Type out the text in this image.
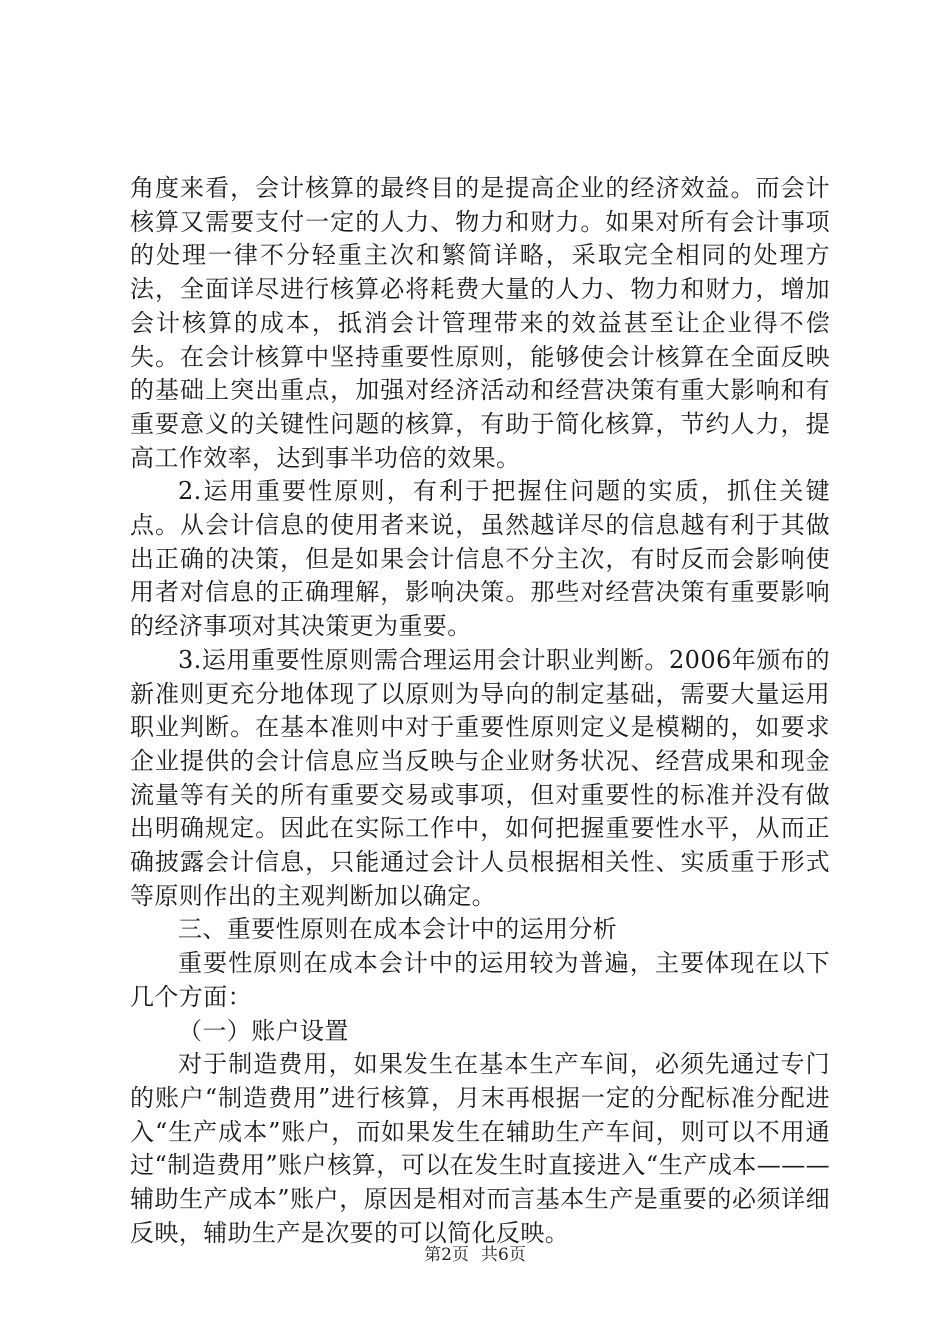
角度来看，会计核算的最终目的是提高企业的经济效益。而会计核算又需要支付一定的人力、物力和财力。如果对所有会计事项的处理一律不分轻重主次和繁简详略，采取完全相同的处理方法，全面详尽进行核算必将耗费大量的人力、物力和财力，增加会计核算的成本，抵消会计管理带来的效益甚至让企业得不偿失。在会计核算中坚持重要性原则，能够使会计核算在全面反映的基础上突出重点，加强对经济活动和经营决策有重大影响和有重要意义的关键性问题的核算，有助于简化核算，节约人力，提高工作效率，达到事半功倍的效果。

2.运用重要性原则，有利于把握住问题的实质，抓住关键点。从会计信息的使用者来说，虽然越详尽的信息越有利于其做出正确的决策，但是如果会计信息不分主次，有时反而会影响使用者对信息的正确理解，影响决策。那些对经营决策有重要影响的经济事项对其决策更为重要。

3.运用重要性原则需合理运用会计职业判断。2006年颁布的新准则更充分地体现了以原则为导向的制定基础，需要大量运用职业判断。在基本准则中对于重要性原则定义是模糊的，如要求企业提供的会计信息应当反映与企业财务状况、经营成果和现金流量等有关的所有重要交易或事项，但对重要性的标准并没有做出明确规定。因此在实际工作中，如何把握重要性水平，从而正确披露会计信息，只能通过会计人员根据相关性、实质重于形式等原则作出的主观判断加以确定。

三、重要性原则在成本会计中的运用分析

重要性原则在成本会计中的运用较为普遍，主要体现在以下几个方面：

（一）账户设置

对于制造费用，如果发生在基本生产车间，必须先通过专门的账户“制造费用”进行核算，月末再根据一定的分配标准分配进入“生产成本”账户，而如果发生在辅助生产车间，则可以不用通过“制造费用”账户核算，可以在发生时直接进入“生产成本———辅助生产成本”账户，原因是相对而言基本生产是重要的必须详细反映，辅助生产是次要的可以简化反映。

第2页 共6页
